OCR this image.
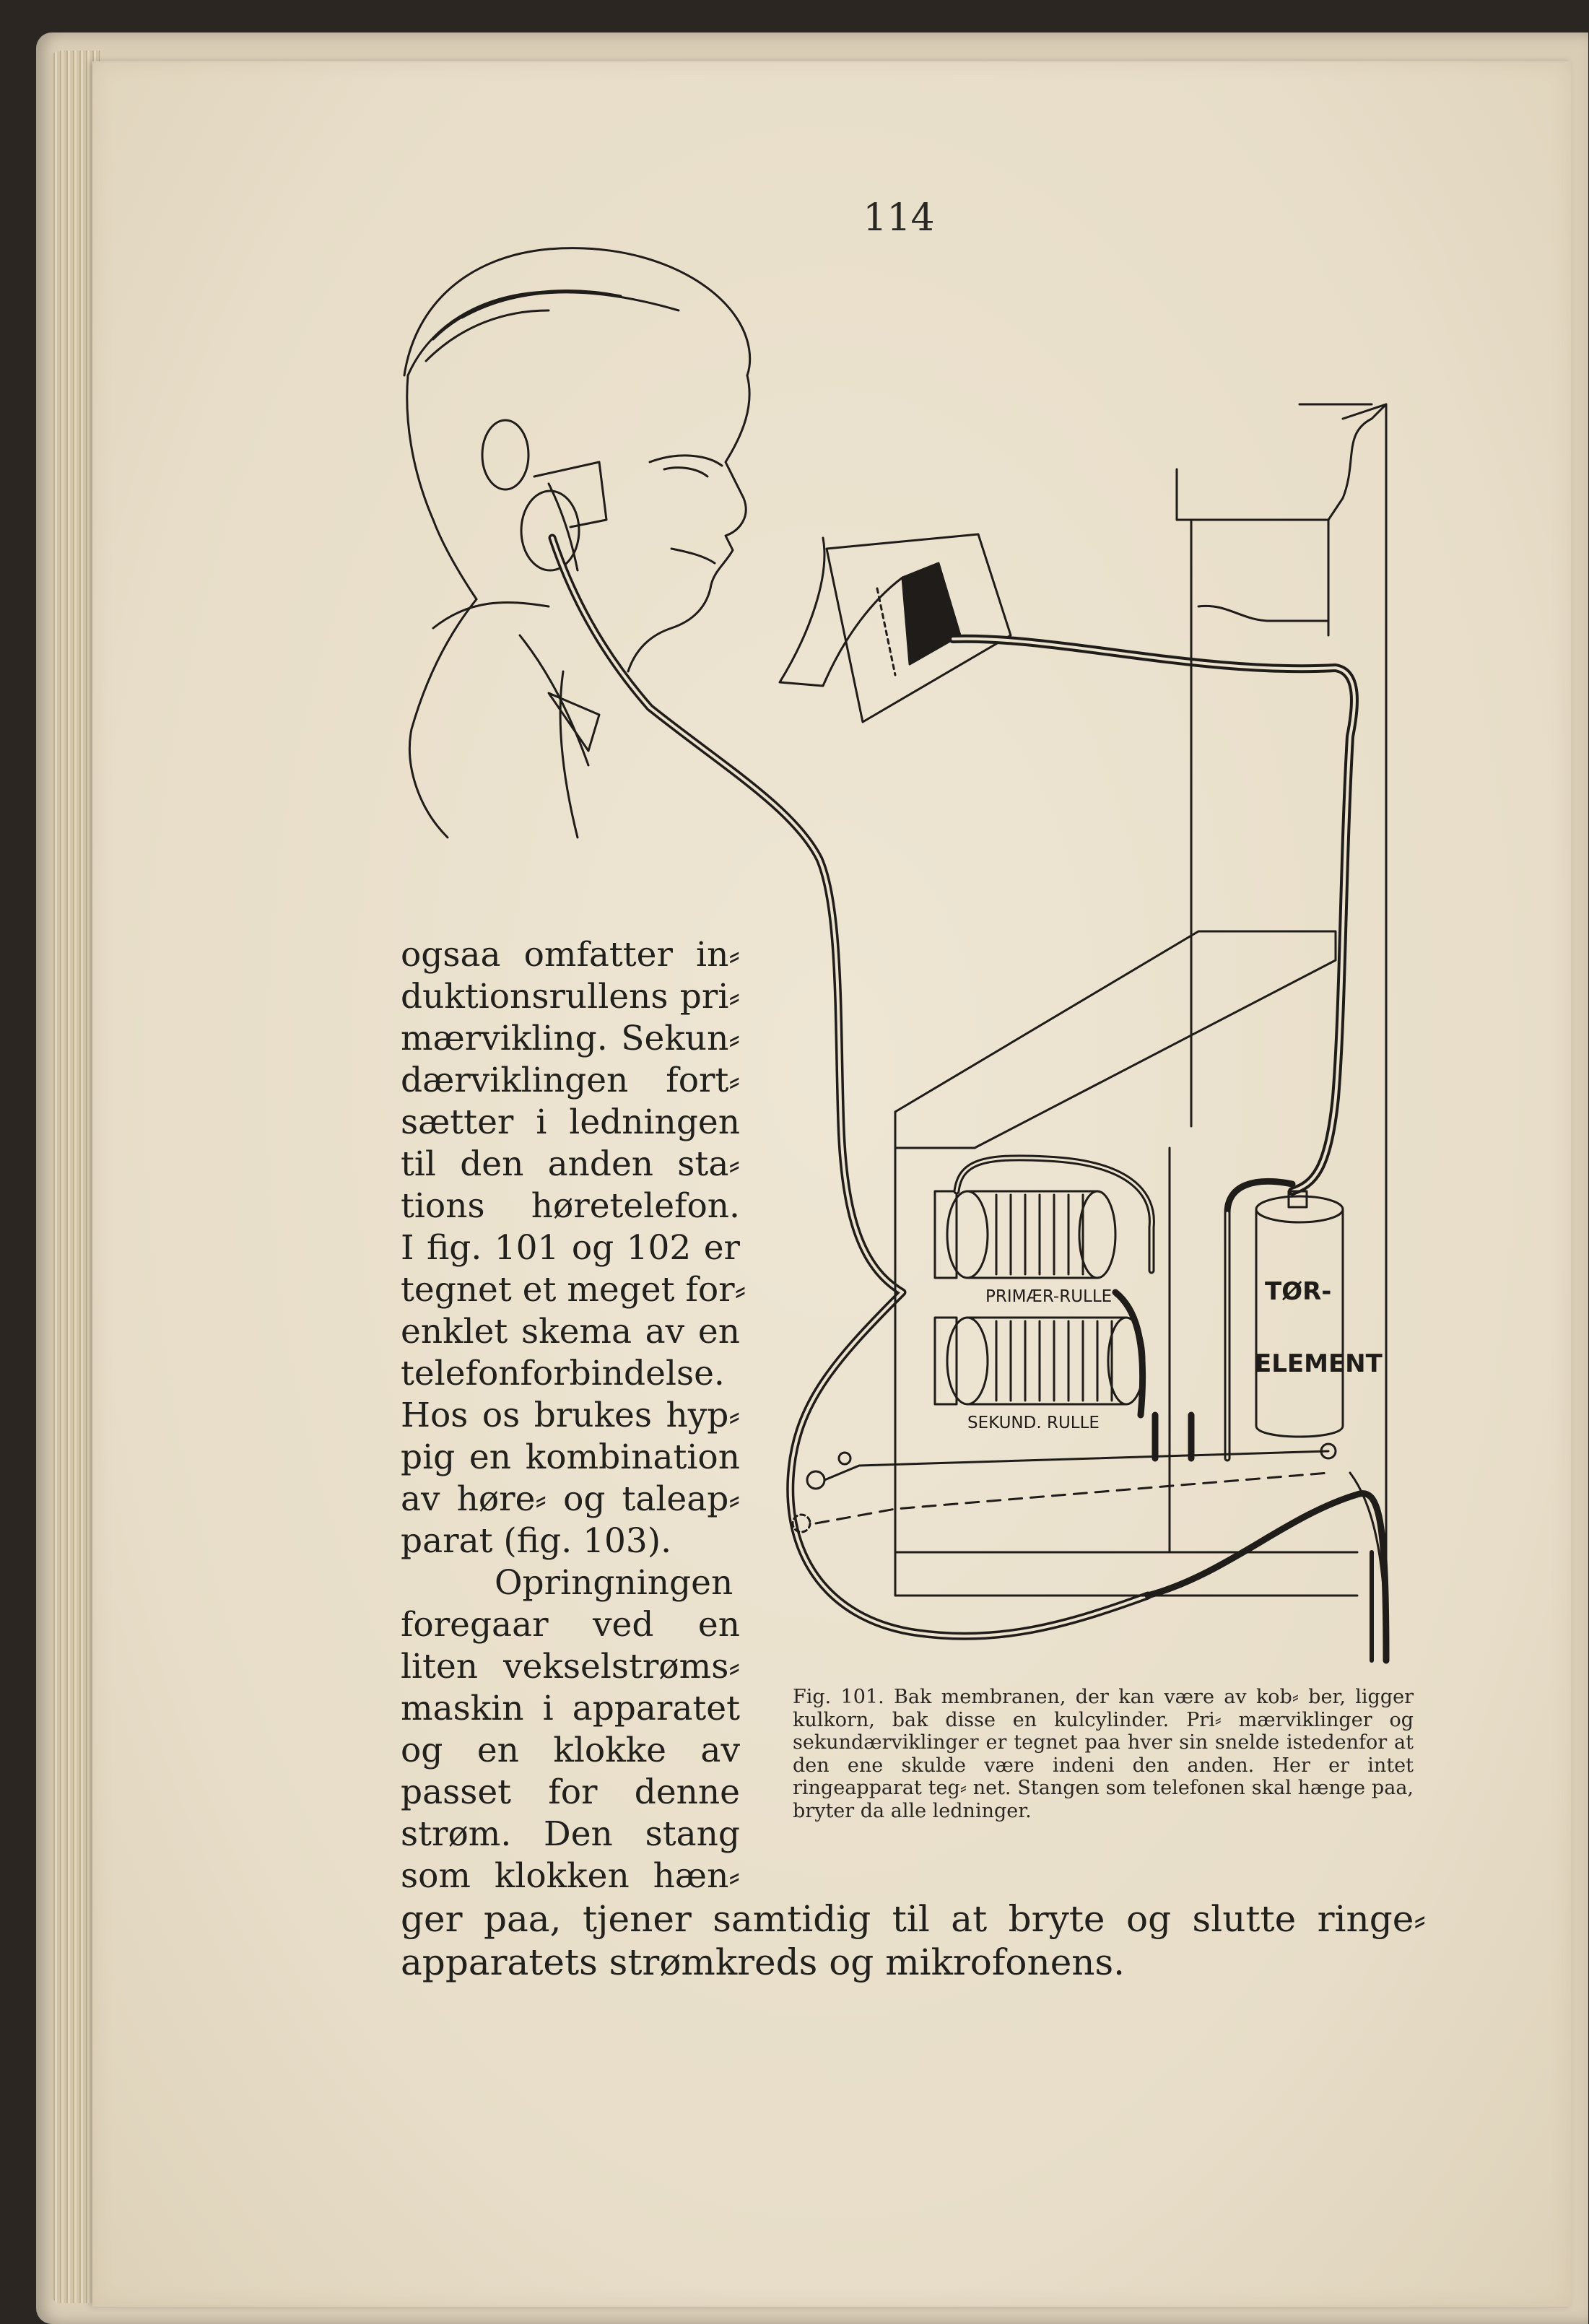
114
PRIMÆR-RULLE
SEKUND. RULLE
TØR-
ELEMENT

ogsaa omfatter in⸗

duktionsrullens pri⸗

mærvikling. Sekun⸗

dærviklingen fort⸗

sætter i ledningen

til den anden sta⸗

tions høretelefon.

I fig. 101 og 102 er

tegnet et meget for⸗

enklet skema av en

telefonforbindelse.

Hos os brukes hyp⸗

pig en kombination

av høre⸗ og taleap⸗

parat (fig. 103).

Opringningen

foregaar ved en

liten vekselstrøms⸗

maskin i apparatet

og en klokke av

passet for denne

strøm. Den stang

som klokken hæn⸗

ger paa, tjener samtidig til at bryte og slutte ringe⸗

apparatets strømkreds og mikrofonens.

Fig. 101. Bak membranen, der kan være av kob⸗ ber, ligger kulkorn, bak disse en kulcylinder. Pri⸗ mærviklinger og sekundærviklinger er tegnet paa hver sin snelde istedenfor at den ene skulde være indeni den anden. Her er intet ringeapparat teg⸗ net. Stangen som telefonen skal hænge paa, bryter da alle ledninger.
